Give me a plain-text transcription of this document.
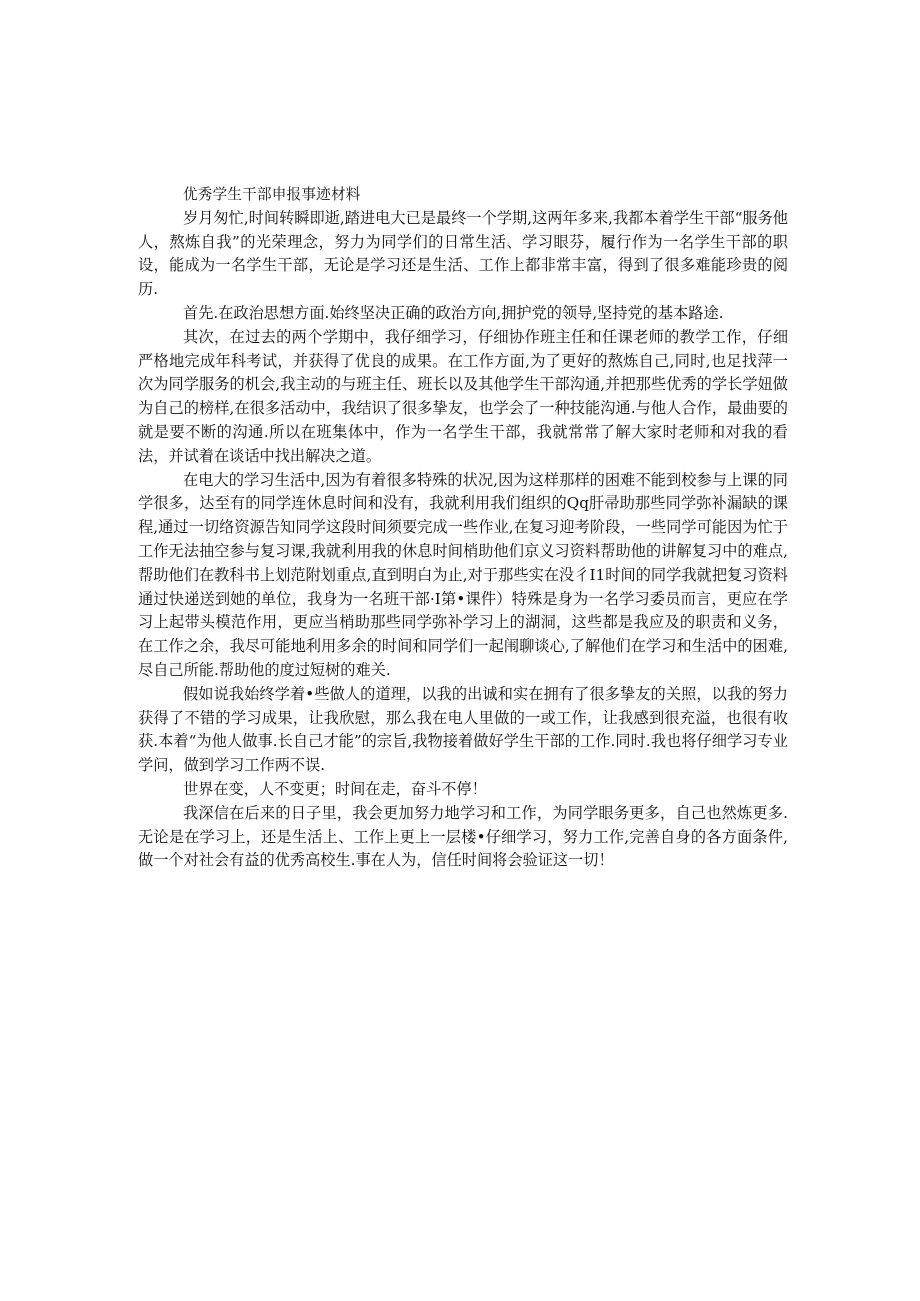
优秀学生干部申报事迹材料

岁月匆忙,时间转瞬即逝,踏进电大已是最终一个学期,这两年多来,我都本着学生干部“服务他人，熬炼自我”的光荣理念，努力为同学们的日常生活、学习眼芬，履行作为一名学生干部的职设，能成为一名学生干部，无论是学习还是生活、工作上都非常丰富，得到了很多难能珍贵的阅历.

首先.在政治思想方面.始终坚决正确的政治方向,拥护党的领导,坚持党的基本路途.

其次，在过去的两个学期中，我仔细学习，仔细协作班主任和任课老师的教学工作，仔细严格地完成年科考试，并获得了优良的成果。在工作方面,为了更好的熬炼自己,同时,也足找萍一次为同学服务的机会,我主动的与班主任、班长以及其他学生干部沟通,并把那些优秀的学长学妞做为自己的榜样,在很多活动中，我结识了很多挚友，也学会了一种技能沟通.与他人合作，最曲要的就是要不断的沟通.所以在班集体中，作为一名学生干部，我就常常了解大家时老师和对我的看法，并试着在谈话中找出解决之道。

在电大的学习生活中,因为有着很多特殊的状况,因为这样那样的困难不能到校参与上课的同学很多，达至有的同学连休息时间和没有，我就利用我们组织的Qq肝帚助那些同学弥补漏缺的课程,通过一切络资源告知同学这段时间须要完成一些作业,在复习迎考阶段，一些同学可能因为忙于工作无法抽空参与复习课,我就利用我的休息时间梢助他们京义习资料帮助他的讲解复习中的难点,帮助他们在教科书上划范附划重点,直到明白为止,对于那些实在没彳I1时间的同学我就把复习资料通过快递送到她的单位，我身为一名班干部·I第•课件）特殊是身为一名学习委员而言，更应在学习上起带头模范作用，更应当梢助那些同学弥补学习上的湖洞，这些都是我应及的职责和义务，在工作之余，我尽可能地利用多余的时间和同学们一起闱聊谈心,了解他们在学习和生活中的困难,尽自己所能.帮助他的度过短树的难关.

假如说我始终学着•些做人的道理，以我的出诚和实在拥有了很多挚友的关照，以我的努力获得了不错的学习成果，让我欣慰，那么我在电人里做的一或工作，让我感到很充溢，也很有收获.本着“为他人做事.长自己才能”的宗旨,我物接着做好学生干部的工作.同时.我也将仔细学习专业学问，做到学习工作两不误.

世界在变，人不变更；时间在走，奋斗不停！

我深信在后来的日子里，我会更加努力地学习和工作，为同学眼务更多，自己也然炼更多.无论是在学习上，还是生活上、工作上更上一层楼•仔细学习，努力工作,完善自身的各方面条件,做一个对社会有益的优秀高校生.事在人为，信任时间将会验证这一切！
